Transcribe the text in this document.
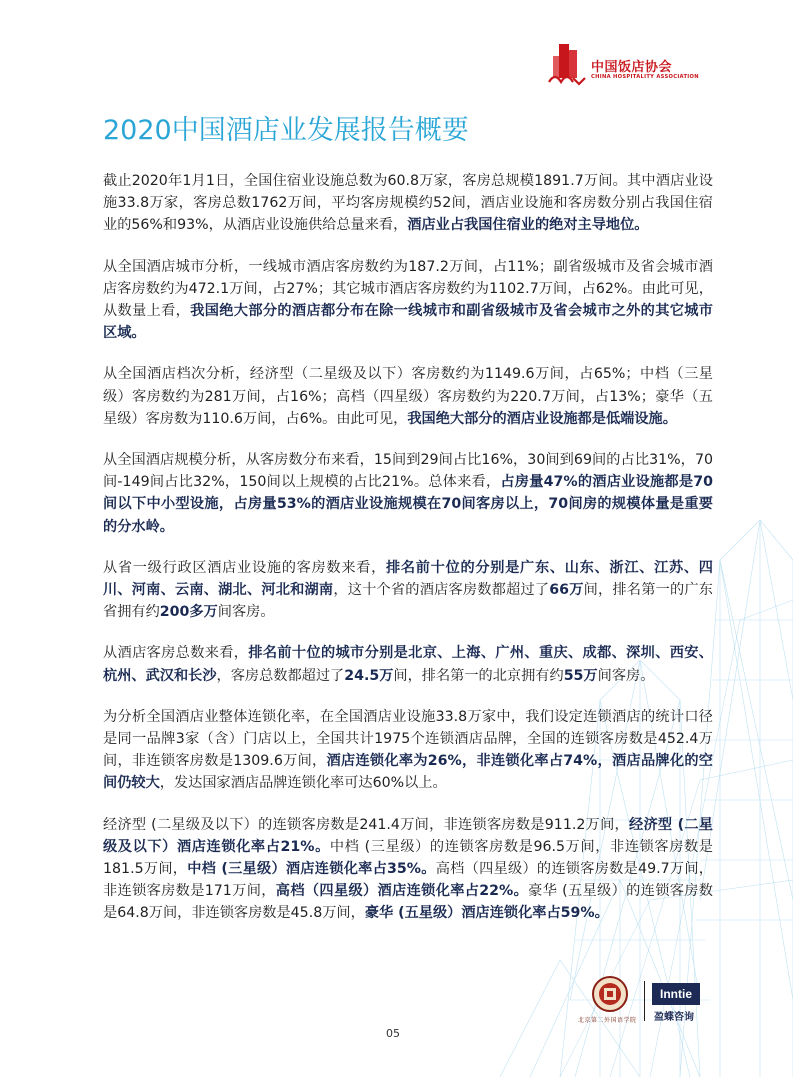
中国饭店协会
CHINA HOSPITALITY ASSOCIATION
2020中国酒店业发展报告概要

截止2020年1月1日，全国住宿业设施总数为60.8万家，客房总规模1891.7万间。其中酒店业设施33.8万家，客房总数1762万间，平均客房规模约52间，酒店业设施和客房数分别占我国住宿业的56%和93%，从酒店业设施供给总量来看，酒店业占我国住宿业的绝对主导地位。

从全国酒店城市分析，一线城市酒店客房数约为187.2万间，占11%；副省级城市及省会城市酒店客房数约为472.1万间，占27%；其它城市酒店客房数约为1102.7万间，占62%。由此可见，从数量上看，我国绝大部分的酒店都分布在除一线城市和副省级城市及省会城市之外的其它城市区域。

从全国酒店档次分析，经济型（二星级及以下）客房数约为1149.6万间，占65%；中档（三星级）客房数约为281万间，占16%；高档（四星级）客房数约为220.7万间，占13%；豪华（五星级）客房数为110.6万间，占6%。由此可见，我国绝大部分的酒店业设施都是低端设施。

从全国酒店规模分析，从客房数分布来看，15间到29间占比16%，30间到69间的占比31%，70间-149间占比32%，150间以上规模的占比21%。总体来看，占房量47%的酒店业设施都是70间以下中小型设施，占房量53%的酒店业设施规模在70间客房以上，70间房的规模体量是重要的分水岭。

从省一级行政区酒店业设施的客房数来看，排名前十位的分别是广东、山东、浙江、江苏、四川、河南、云南、湖北、河北和湖南，这十个省的酒店客房数都超过了66万间，排名第一的广东省拥有约200多万间客房。

从酒店客房总数来看，排名前十位的城市分别是北京、上海、广州、重庆、成都、深圳、西安、杭州、武汉和长沙，客房总数都超过了24.5万间，排名第一的北京拥有约55万间客房。

为分析全国酒店业整体连锁化率，在全国酒店业设施33.8万家中，我们设定连锁酒店的统计口径是同一品牌3家（含）门店以上，全国共计1975个连锁酒店品牌，全国的连锁客房数是452.4万间，非连锁客房数是1309.6万间，酒店连锁化率为26%，非连锁化率占74%，酒店品牌化的空间仍较大，发达国家酒店品牌连锁化率可达60%以上。

经济型 (二星级及以下）的连锁客房数是241.4万间，非连锁客房数是911.2万间，经济型 (二星级及以下）酒店连锁化率占21%。中档 (三星级）的连锁客房数是96.5万间，非连锁客房数是181.5万间，中档 (三星级）酒店连锁化率占35%。高档（四星级）的连锁客房数是49.7万间，非连锁客房数是171万间，高档（四星级）酒店连锁化率占22%。豪华 (五星级）的连锁客房数是64.8万间，非连锁客房数是45.8万间，豪华 (五星级）酒店连锁化率占59%。

北京第二外国语学院
Inntie
盈蝶咨询
05
